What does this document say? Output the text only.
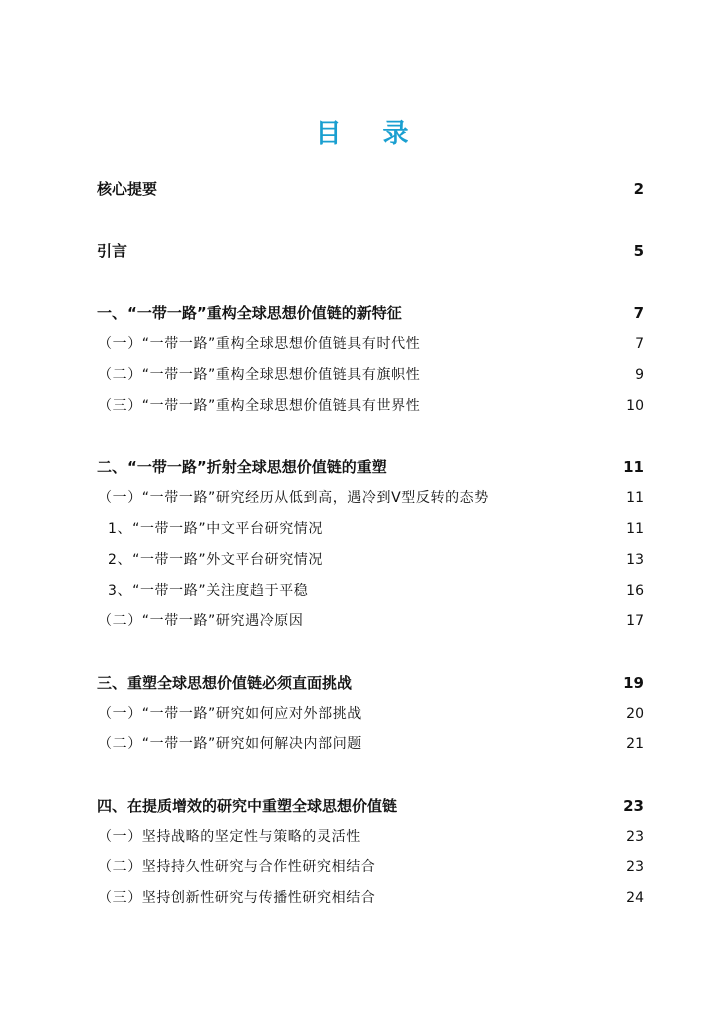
目 录
核心提要	2
引言	5
一、“一带一路”重构全球思想价值链的新特征	7
（一）“一带一路”重构全球思想价值链具有时代性	7
（二）“一带一路”重构全球思想价值链具有旗帜性	9
（三）“一带一路”重构全球思想价值链具有世界性	10
二、“一带一路”折射全球思想价值链的重塑	11
（一）“一带一路”研究经历从低到高，遇冷到V型反转的态势	11
1、“一带一路”中文平台研究情况	11
2、“一带一路”外文平台研究情况	13
3、“一带一路”关注度趋于平稳	16
（二）“一带一路”研究遇冷原因	17
三、重塑全球思想价值链必须直面挑战	19
（一）“一带一路”研究如何应对外部挑战	20
（二）“一带一路”研究如何解决内部问题	21
四、在提质增效的研究中重塑全球思想价值链	23
（一）坚持战略的坚定性与策略的灵活性	23
（二）坚持持久性研究与合作性研究相结合	23
（三）坚持创新性研究与传播性研究相结合	24
